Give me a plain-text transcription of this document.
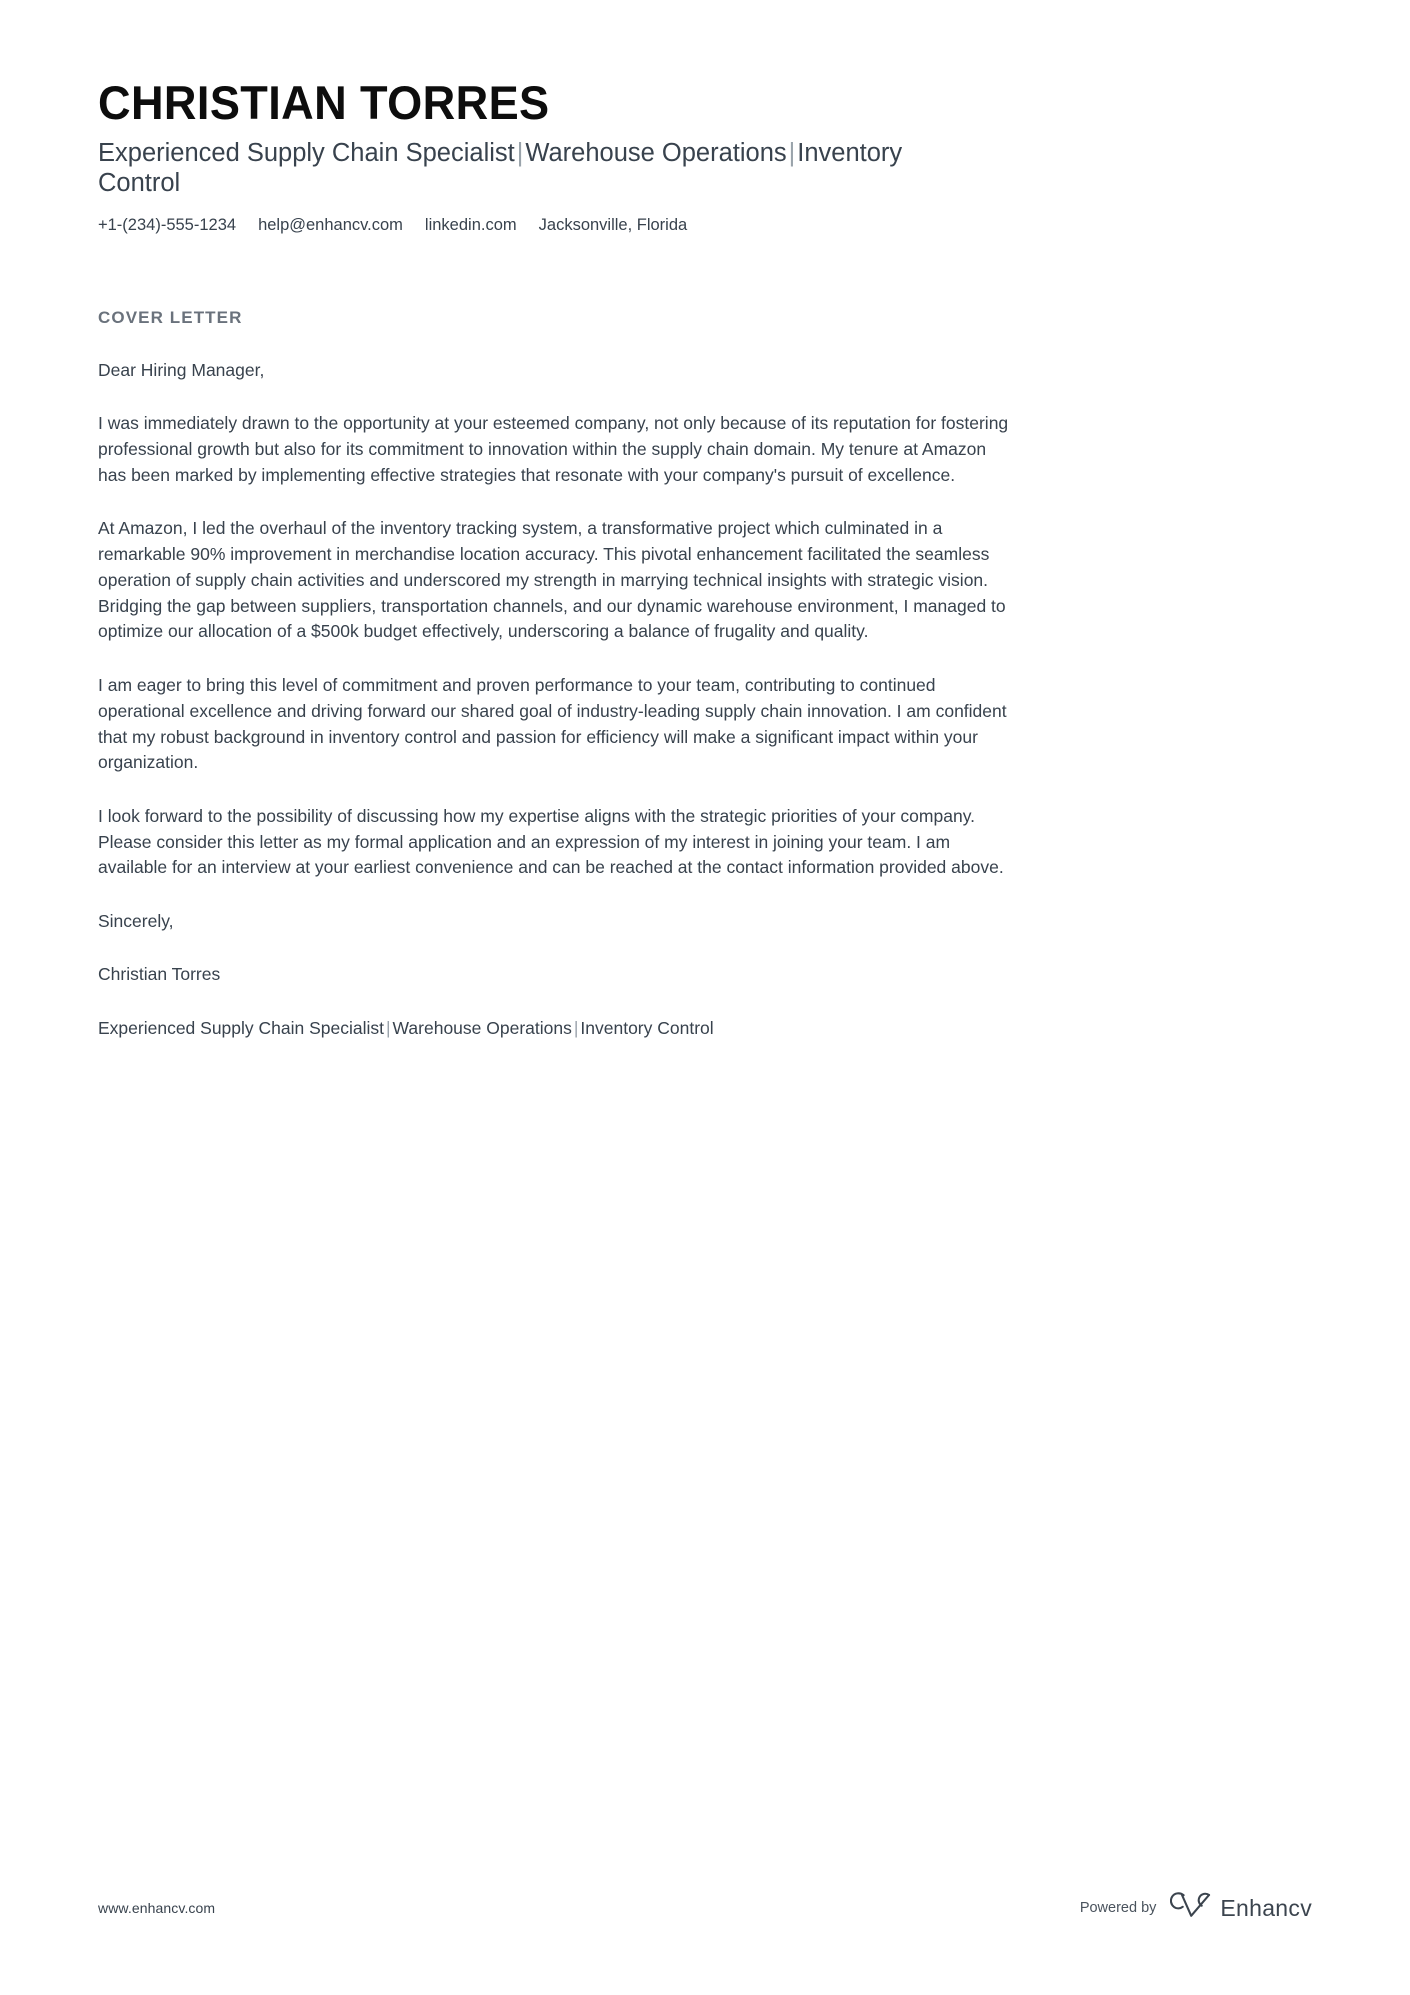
CHRISTIAN TORRES
Experienced Supply Chain Specialist|Warehouse Operations|Inventory Control
+1-(234)-555-1234 help@enhancv.com linkedin.com Jacksonville, Florida
COVER LETTER

Dear Hiring Manager,

I was immediately drawn to the opportunity at your esteemed company, not only because of its reputation for fostering professional growth but also for its commitment to innovation within the supply chain domain. My tenure at Amazon has been marked by implementing effective strategies that resonate with your company's pursuit of excellence.

At Amazon, I led the overhaul of the inventory tracking system, a transformative project which culminated in a remarkable 90% improvement in merchandise location accuracy. This pivotal enhancement facilitated the seamless operation of supply chain activities and underscored my strength in marrying technical insights with strategic vision. Bridging the gap between suppliers, transportation channels, and our dynamic warehouse environment, I managed to optimize our allocation of a $500k budget effectively, underscoring a balance of frugality and quality.

I am eager to bring this level of commitment and proven performance to your team, contributing to continued operational excellence and driving forward our shared goal of industry-leading supply chain innovation. I am confident that my robust background in inventory control and passion for efficiency will make a significant impact within your organization.

I look forward to the possibility of discussing how my expertise aligns with the strategic priorities of your company. Please consider this letter as my formal application and an expression of my interest in joining your team. I am available for an interview at your earliest convenience and can be reached at the contact information provided above.

Sincerely,

Christian Torres

Experienced Supply Chain Specialist | Warehouse Operations | Inventory Control

www.enhancv.com	Powered by	Enhancv
